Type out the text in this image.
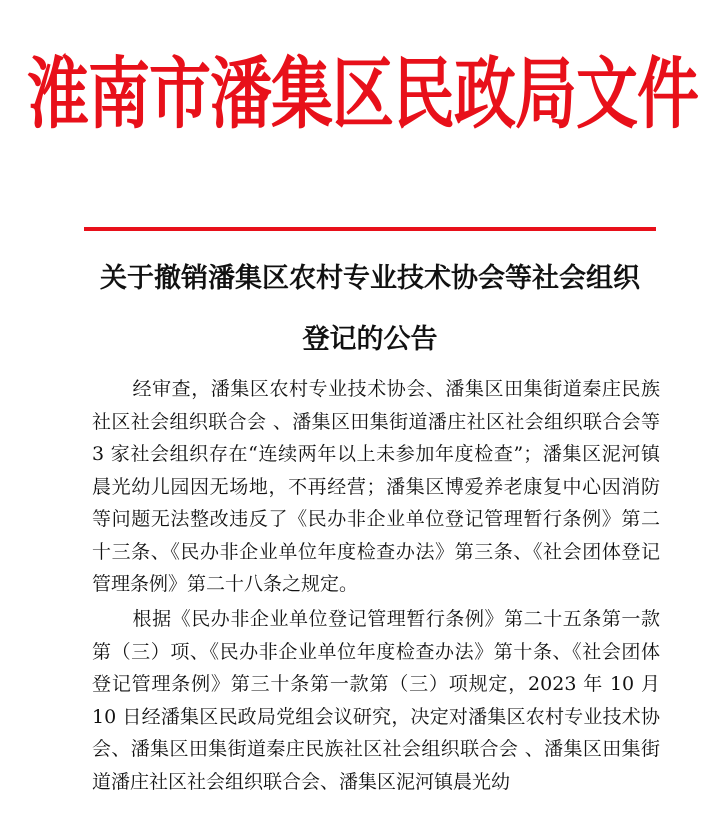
淮南市潘集区民政局文件
关于撤销潘集区农村专业技术协会等社会组织
登记的公告

经审查，潘集区农村专业技术协会、潘集区田集街道秦庄民族社区社会组织联合会 、潘集区田集街道潘庄社区社会组织联合会等 3 家社会组织存在“连续两年以上未参加年度检查”；潘集区泥河镇晨光幼儿园因无场地，不再经营；潘集区博爱养老康复中心因消防等问题无法整改违反了《民办非企业单位登记管理暂行条例》第二十三条、《民办非企业单位年度检查办法》第三条、《社会团体登记管理条例》第二十八条之规定。

根据《民办非企业单位登记管理暂行条例》第二十五条第一款第（三）项、《民办非企业单位年度检查办法》第十条、《社会团体登记管理条例》第三十条第一款第（三）项规定，2023 年 10 月 10 日经潘集区民政局党组会议研究，决定对潘集区农村专业技术协会、潘集区田集街道秦庄民族社区社会组织联合会 、潘集区田集街道潘庄社区社会组织联合会、潘集区泥河镇晨光幼
